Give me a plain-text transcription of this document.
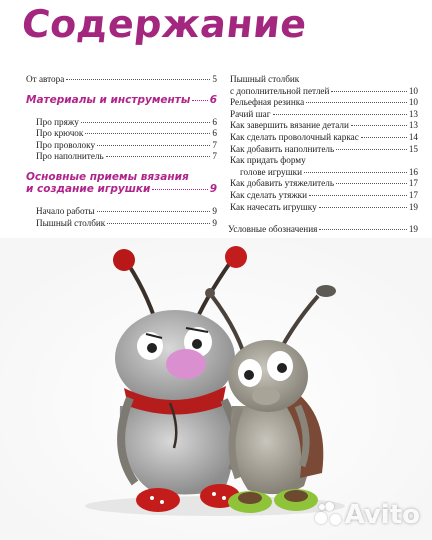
Содержание
От автора	5
Материалы и инструменты 6
Про пряжу	6
Про крючок	6
Про проволоку	7
Про наполнитель	7
Основные приемы вязания
и создание игрушки	9
Начало работы	9
Пышный столбик	9
Пышный столбик
с дополнительной петлей	10
Рельефная резинка	10
Рачий шаг	13
Как завершить вязание детали	13
Как сделать проволочный каркас	14
Как добавить наполнитель	15
Как придать форму
голове игрушки	16
Как добавить утяжелитель	17
Как сделать утяжки	17
Как начесать игрушку	19
Условные обозначения	19
Avito
